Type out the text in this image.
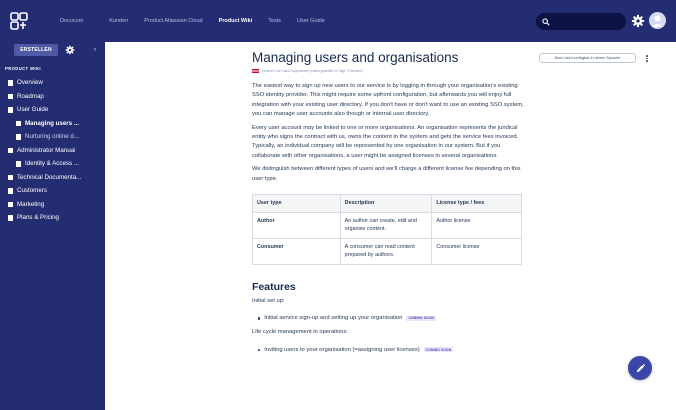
Docucom	Kunden	Product Atlassian Cloud	Product Wiki	Tests	User Guide
ERSTELLEN	‹
PRODUCT WIKI
Overview
Roadmap
User Guide
Managing users ...
Nurturing online d...
Administrator Manual
Identity & Access ...
Technical Documenta...
Customers
Marketing
Plans & Pricing
Noch nicht verfügbar in deiner Sprache
Managing users and organisations
Version 2 von Hans Doppelmaier (zuletzt geändert 14 Tage, 3 Stunden)

The easiest way to sign up new users to our service is by logging in through your organisation's existing SSO identity provider. This might require some upfront configuration, but afterwards you will enjoy full integration with your existing user directory. If you don't have or don't want to use an existing SSO system, you can manage user accounts also though or internal user directory.

Every user account may be linked to one or more organisations. An organisation represents the juridical entity who signs the contract with us, owns the content in the system and gets the service fees invoiced. Typically, an individual company will be represented by one organisation in our system. But if you collaborate with other organisations, a user might be assigned licenses in several organisations.

We distinguish between different types of users and we'll charge a different license fee depending on this user type.

User type	Description	License type / fees
Author	An author can create, edit and organise content.	Author license
Consumer	A consumer can read content prepared by authors.	Consumer license
Features

Initial set up:

Initial service sign-up and setting up your organisation	COMING SOON

Life cycle management in operations:

Inviting users to your organisation (=assigning user licenses)	COMING SOON
